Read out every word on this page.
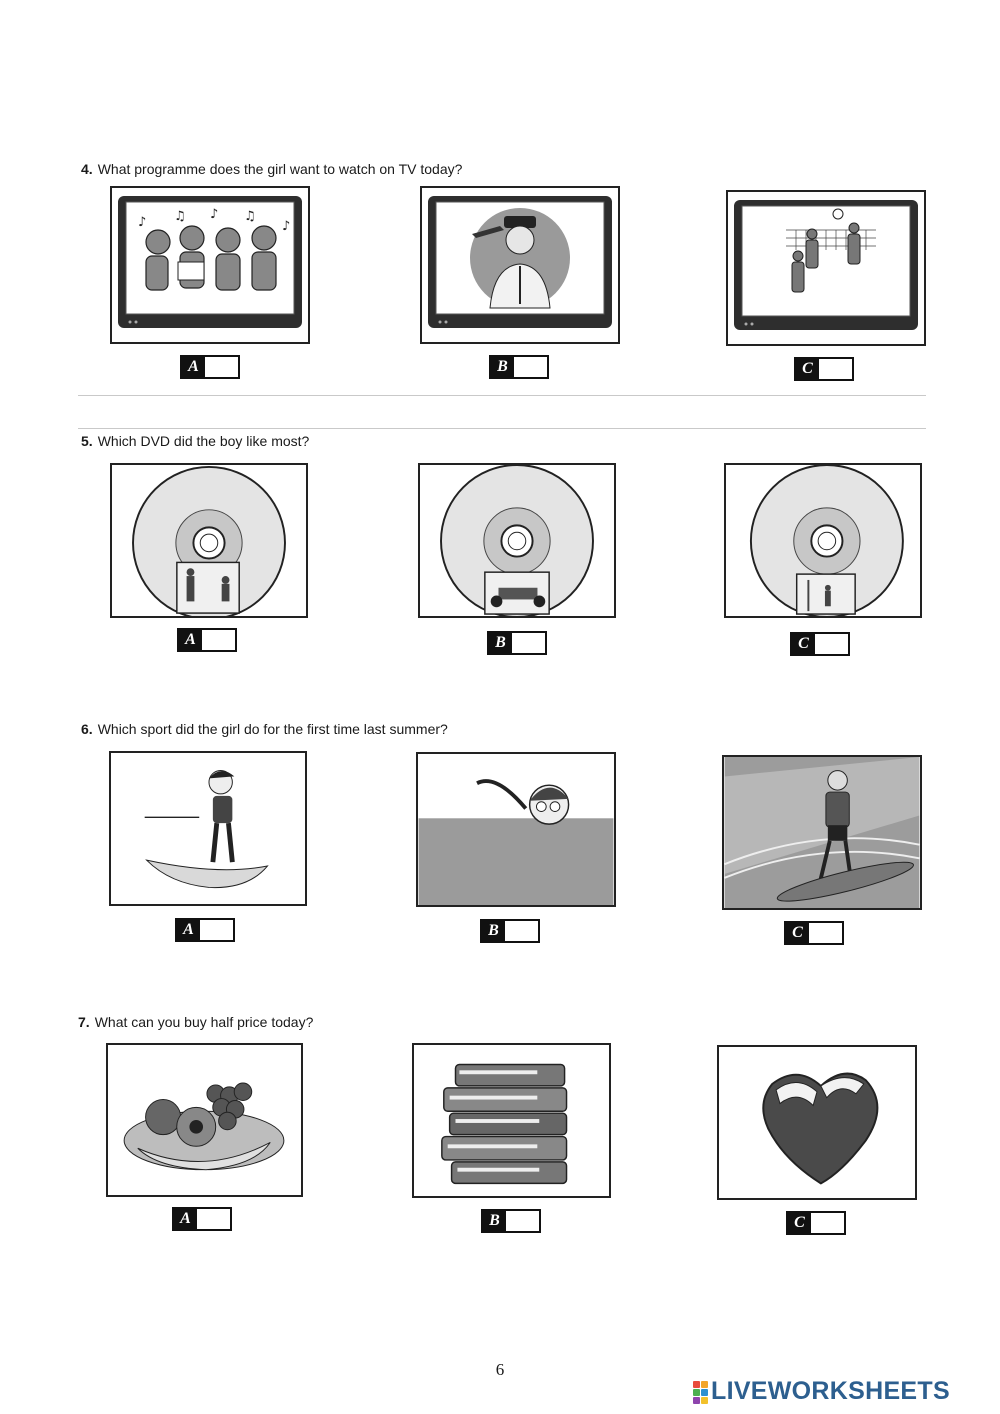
4. What programme does the girl want to watch on TV today?
♪ ♫ ♪ ♫
♪
A	B	C
5. Which DVD did the boy like most?
A	B	C
6. Which sport did the girl do for the first time last summer?
A	B	C
7. What can you buy half price today?
A	B	C
6
LIVEWORKSHEETS
